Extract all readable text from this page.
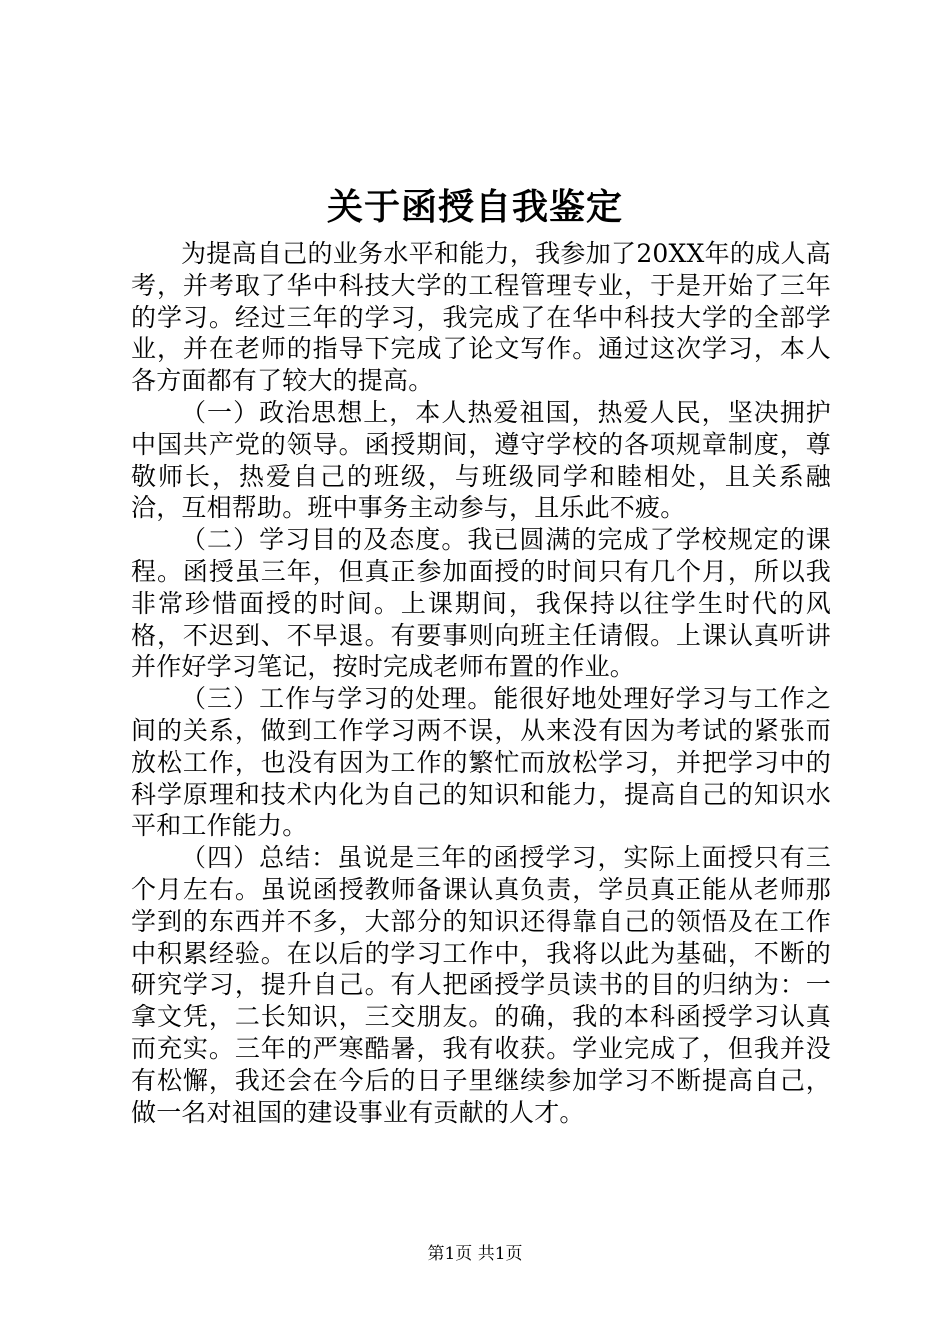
关于函授自我鉴定

为提高自己的业务水平和能力，我参加了20XX年的成人高考，并考取了华中科技大学的工程管理专业，于是开始了三年的学习。经过三年的学习，我完成了在华中科技大学的全部学业，并在老师的指导下完成了论文写作。通过这次学习，本人各方面都有了较大的提高。

（一）政治思想上，本人热爱祖国，热爱人民，坚决拥护中国共产党的领导。函授期间，遵守学校的各项规章制度，尊敬师长，热爱自己的班级，与班级同学和睦相处，且关系融洽，互相帮助。班中事务主动参与，且乐此不疲。

（二）学习目的及态度。我已圆满的完成了学校规定的课程。函授虽三年，但真正参加面授的时间只有几个月，所以我非常珍惜面授的时间。上课期间，我保持以往学生时代的风格，不迟到、不早退。有要事则向班主任请假。上课认真听讲并作好学习笔记，按时完成老师布置的作业。

（三）工作与学习的处理。能很好地处理好学习与工作之间的关系，做到工作学习两不误，从来没有因为考试的紧张而放松工作，也没有因为工作的繁忙而放松学习，并把学习中的科学原理和技术内化为自己的知识和能力，提高自己的知识水平和工作能力。

（四）总结：虽说是三年的函授学习，实际上面授只有三个月左右。虽说函授教师备课认真负责，学员真正能从老师那学到的东西并不多，大部分的知识还得靠自己的领悟及在工作中积累经验。在以后的学习工作中，我将以此为基础，不断的研究学习，提升自己。有人把函授学员读书的目的归纳为：一拿文凭，二长知识，三交朋友。的确，我的本科函授学习认真而充实。三年的严寒酷暑，我有收获。学业完成了，但我并没有松懈，我还会在今后的日子里继续参加学习不断提高自己，做一名对祖国的建设事业有贡献的人才。

第1页 共1页
